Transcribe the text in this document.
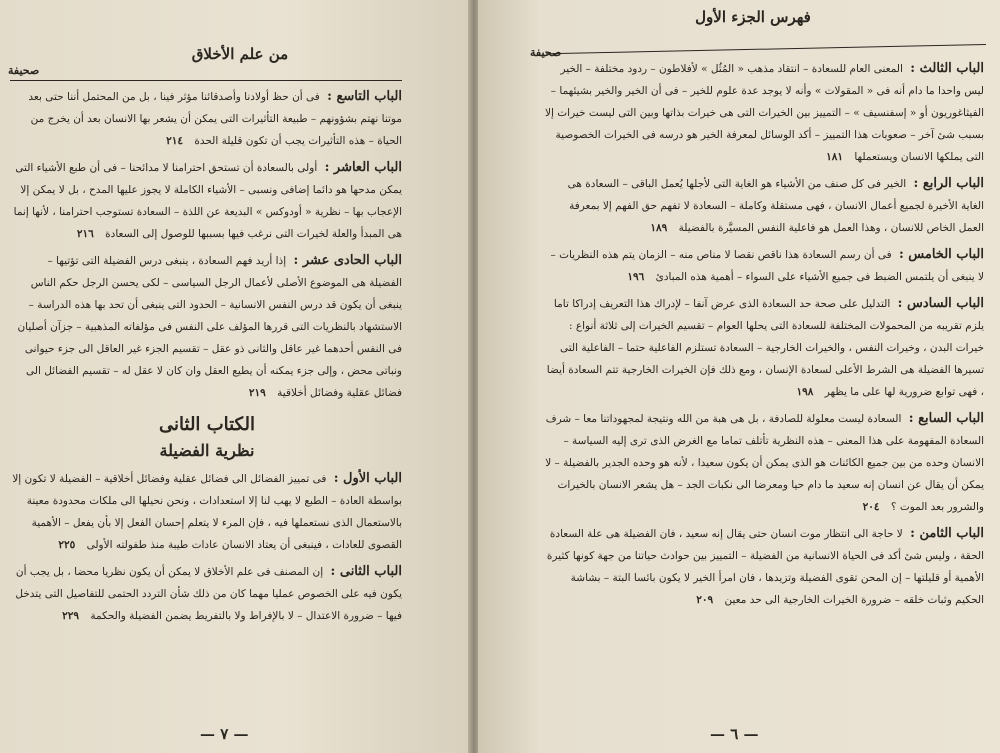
من علم الأخلاق
صحيفة
الباب التاسع : فى أن حظ أولادنا وأصدقائنا مؤثر فينا ، بل من المحتمل أننا حتى بعد موتنا نهتم بشؤونهم – طبيعة التأثيرات التى يمكن أن يشعر بها الانسان بعد أن يخرج من الحياة – هذه التأثيرات يجب أن تكون قليلة الحدة ٢١٤
الباب العاشر : أولى بالسعادة أن تستحق احترامنا لا مدائحنا – فى أن طبع الأشياء التى يمكن مدحها هو دائما إضافى ونسبى – الأشياء الكاملة لا يجوز عليها المدح ، بل لا يمكن إلا الإعجاب بها – نظرية « أودوكس » البديعة عن اللذة – السعادة تستوجب احترامنا ، لأنها إنما هى المبدأ والعلة لخيرات التى نرغب فيها بسببها للوصول إلى السعادة ٢١٦
الباب الحادى عشر : إذا أريد فهم السعادة ، ينبغى درس الفضيلة التى تؤتيها – الفضيلة هى الموضوع الأصلى لأعمال الرجل السياسى – لكى يحسن الرجل حكم الناس ينبغى أن يكون قد درس النفس الانسانية – الحدود التى ينبغى أن تحد بها هذه الدراسة – الاستشهاد بالنظريات التى قررها المؤلف على النفس فى مؤلفاته المذهبية – جزآن أصليان فى النفس أحدهما غير عاقل والثانى ذو عقل – تقسيم الجزء غير العاقل الى جزء حيوانى ونباتى محض ، وإلى جزء يمكنه أن يطيع العقل وان كان لا عقل له – تقسيم الفضائل الى فضائل عقلية وفضائل أخلاقية ٢١٩
الكتاب الثانى
نظرية الفضيلة
الباب الأول : فى تمييز الفضائل الى فضائل عقلية وفضائل أخلاقية – الفضيلة لا تكون إلا بواسطة العادة – الطبع لا يهب لنا إلا استعدادات ، ونحن نحيلها الى ملكات محدودة معينة بالاستعمال الذى نستعملها فيه ، فإن المرء لا يتعلم إحسان الفعل إلا بأن يفعل – الأهمية القصوى للعادات ، فينبغى أن يعتاد الانسان عادات طيبة منذ طفولته الأولى ٢٢٥
الباب الثانى : إن المصنف فى علم الأخلاق لا يمكن أن يكون نظريا محضا ، بل يجب أن يكون فيه على الخصوص عمليا مهما كان من ذلك شأن التردد الحتمى للتفاصيل التى يتدخل فيها – ضرورة الاعتدال – لا بالإفراط ولا بالتفريط يضمن الفضيلة والحكمة ٢٢٩
— ٧ —
فهرس الجزء الأول
صحيفة
الباب الثالث : المعنى العام للسعادة – انتقاد مذهب « المُثُل » لأفلاطون – ردود مختلفة – الخير ليس واحدا ما دام أنه فى « المقولات » وأنه لا يوجد عدة علوم للخير – فى أن الخير والخير بشيئهما – الفيثاغوريون أو « إسفنسيف » – التمييز بين الخيرات التى هى خيرات بذاتها وبين التى ليست خيرات إلا بسبب شئ آخر – صعوبات هذا التمييز – أكد الوسائل لمعرفة الخير هو درسه فى الخيرات الخصوصية التى يملكها الانسان ويستعملها ١٨١
الباب الرابع : الخير فى كل صنف من الأشياء هو الغاية التى لأجلها يُعمل الباقى – السعادة هى الغاية الأخيرة لجميع أعمال الانسان ، فهى مستقلة وكاملة – السعادة لا تفهم حق الفهم إلا بمعرفة العمل الخاص للانسان ، وهذا العمل هو فاعلية النفس المسيَّرة بالفضيلة ١٨٩
الباب الخامس : فى أن رسم السعادة هذا ناقص نقصا لا مناص منه – الزمان يتم هذه النظريات – لا ينبغى أن يلتمس الضبط فى جميع الأشياء على السواء – أهمية هذه المبادئ ١٩٦
الباب السادس : التدليل على صحة حد السعادة الذى عرض آنفا – لإدراك هذا التعريف إدراكا تاما يلزم تقريبه من المحمولات المختلفة للسعادة التى يحلها العوام – تقسيم الخيرات إلى ثلاثة أنواع : خيرات البدن ، وخيرات النفس ، والخيرات الخارجية – السعادة تستلزم الفاعلية حتما – الفاعلية التى تسيرها الفضيلة هى الشرط الأعلى لسعادة الإنسان ، ومع ذلك فإن الخيرات الخارجية تتم السعادة أيضا ، فهى توابع ضرورية لها على ما يظهر ١٩٨
الباب السابع : السعادة ليست معلولة للصادفة ، بل هى هبة من الله ونتيجة لمجهوداتنا معا – شرف السعادة المفهومة على هذا المعنى – هذه النظرية تأتلف تماما مع الغرض الذى ترى إليه السياسة – الانسان وحده من بين جميع الكائنات هو الذى يمكن أن يكون سعيدا ، لأنه هو وحده الجدير بالفضيلة – لا يمكن أن يقال عن انسان إنه سعيد ما دام حيا ومعرضا الى نكبات الجد – هل يشعر الانسان بالخيرات والشرور بعد الموت ؟ ٢٠٤
الباب الثامن : لا حاجة الى انتظار موت انسان حتى يقال إنه سعيد ، فان الفضيلة هى علة السعادة الحقة ، وليس شئ أكد فى الحياة الانسانية من الفضيلة – التمييز بين حوادث حياتنا من جهة كونها كثيرة الأهمية أو قليلتها – إن المحن تقوى الفضيلة وتزيدها ، فان امرأ الخير لا يكون بائسا البتة – بشاشة الحكيم وثبات خلقه – ضرورة الخيرات الخارجية الى حد معين ٢٠٩
— ٦ —
